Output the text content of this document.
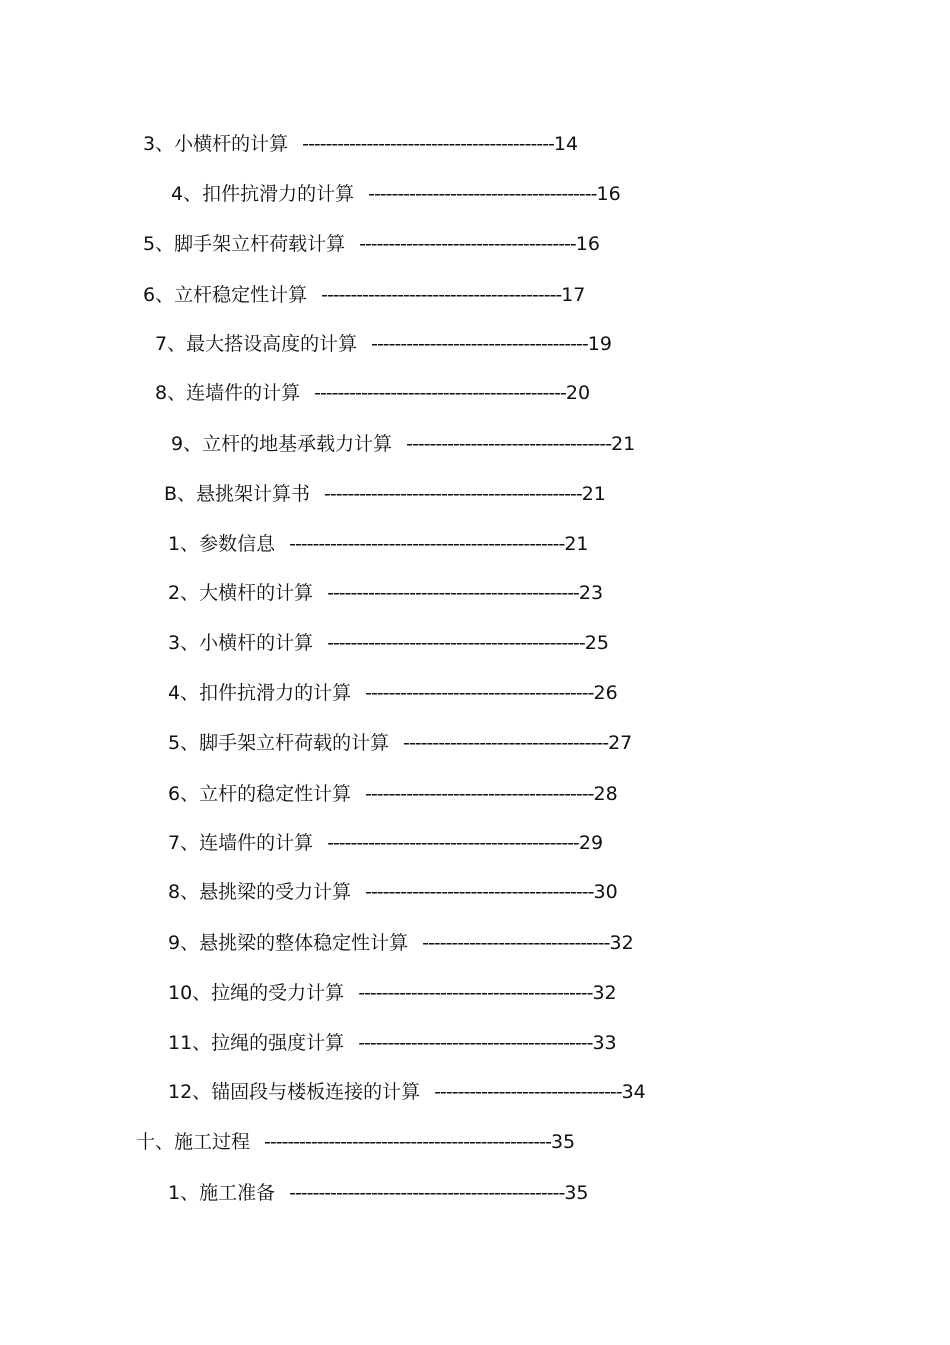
3、小横杆的计算 -------------------------------------------14
4、扣件抗滑力的计算 ---------------------------------------16
5、脚手架立杆荷载计算 -------------------------------------16
6、立杆稳定性计算 -----------------------------------------17
7、最大搭设高度的计算 -------------------------------------19
8、连墙件的计算 -------------------------------------------20
9、立杆的地基承载力计算 -----------------------------------21
B、悬挑架计算书 --------------------------------------------21
1、参数信息 -----------------------------------------------21
2、大横杆的计算 -------------------------------------------23
3、小横杆的计算 --------------------------------------------25
4、扣件抗滑力的计算 ---------------------------------------26
5、脚手架立杆荷载的计算 -----------------------------------27
6、立杆的稳定性计算 ---------------------------------------28
7、连墙件的计算 -------------------------------------------29
8、悬挑梁的受力计算 ---------------------------------------30
9、悬挑梁的整体稳定性计算 --------------------------------32
10、拉绳的受力计算 ----------------------------------------32
11、拉绳的强度计算 ----------------------------------------33
12、锚固段与楼板连接的计算 --------------------------------34
十、施工过程 -------------------------------------------------35
1、施工准备 -----------------------------------------------35
